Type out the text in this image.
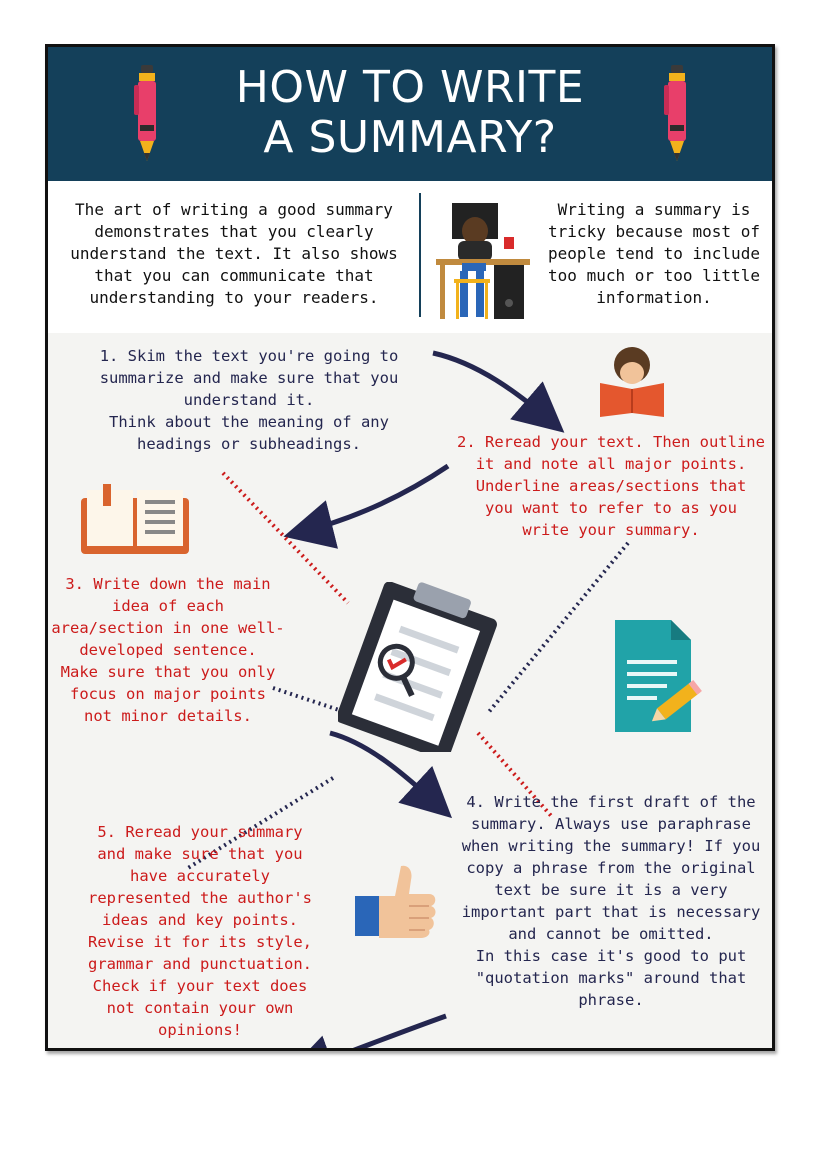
HOW TO WRITE
A SUMMARY?
The art of writing a good summary demonstrates that you clearly understand the text. It also shows that you can communicate that understanding to your readers.
Writing a summary is tricky because most of people tend to include too much or too little information.
1. Skim the text you're going to
summarize and make sure that you
understand it.
Think about the meaning of any
headings or subheadings.	2. Reread your text. Then outline
it and note all major points.
Underline areas/sections that
you want to refer to as you
write your summary.
3. Write down the main
idea of each
area/section in one well-
developed sentence.
Make sure that you only
focus on major points
not minor details.
4. Write the first draft of the
summary. Always use paraphrase
when writing the summary! If you
copy a phrase from the original
text be sure it is a very
important part that is necessary
and cannot be omitted.
In this case it's good to put
"quotation marks" around that
phrase.
5. Reread your summary
and make sure that you
have accurately
represented the author's
ideas and key points.
Revise it for its style,
grammar and punctuation.
Check if your text does
not contain your own
opinions!
